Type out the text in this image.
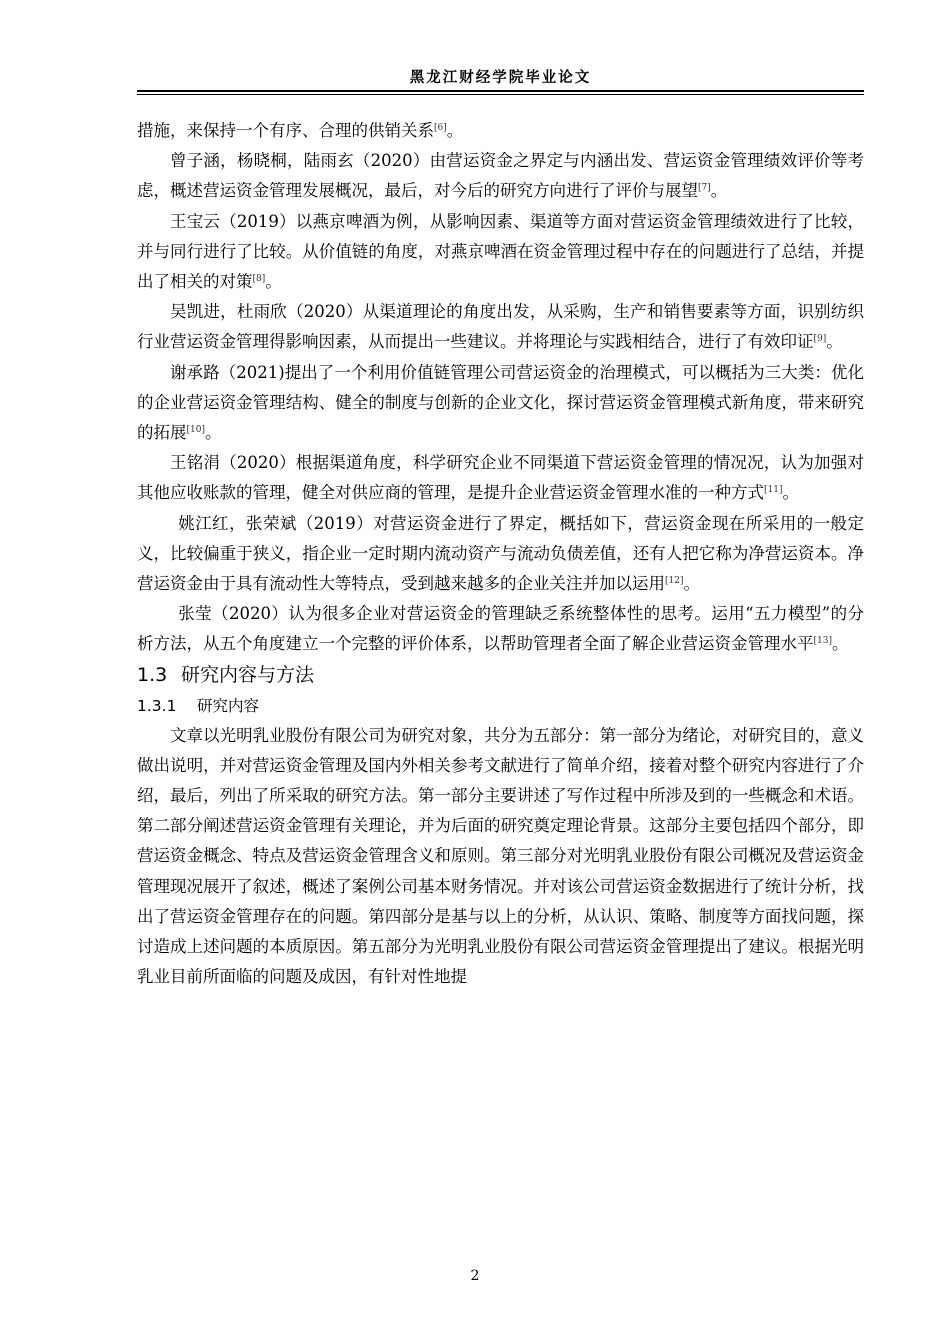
黑龙江财经学院毕业论文

措施，来保持一个有序、合理的供销关系[6]。

曾子涵，杨晓桐，陆雨玄（2020）由营运资金之界定与内涵出发、营运资金管理绩效评价等考虑，概述营运资金管理发展概况，最后，对今后的研究方向进行了评价与展望[7]。

王宝云（2019）以燕京啤酒为例，从影响因素、渠道等方面对营运资金管理绩效进行了比较，并与同行进行了比较。从价值链的角度，对燕京啤酒在资金管理过程中存在的问题进行了总结，并提出了相关的对策[8]。

吴凯进，杜雨欣（2020）从渠道理论的角度出发，从采购，生产和销售要素等方面，识别纺织行业营运资金管理得影响因素，从而提出一些建议。并将理论与实践相结合，进行了有效印证[9]。

谢承路（2021)提出了一个利用价值链管理公司营运资金的治理模式，可以概括为三大类：优化的企业营运资金管理结构、健全的制度与创新的企业文化，探讨营运资金管理模式新角度，带来研究的拓展[10]。

王铭涓（2020）根据渠道角度，科学研究企业不同渠道下营运资金管理的情况况，认为加强对其他应收账款的管理，健全对供应商的管理，是提升企业营运资金管理水准的一种方式[11]。

姚江红，张荣斌（2019）对营运资金进行了界定，概括如下，营运资金现在所采用的一般定义，比较偏重于狭义，指企业一定时期内流动资产与流动负债差值，还有人把它称为净营运资本。净营运资金由于具有流动性大等特点，受到越来越多的企业关注并加以运用[12]。

张莹（2020）认为很多企业对营运资金的管理缺乏系统整体性的思考。运用“五力模型”的分析方法，从五个角度建立一个完整的评价体系，以帮助管理者全面了解企业营运资金管理水平[13]。

1.3 研究内容与方法
1.3.1 研究内容

文章以光明乳业股份有限公司为研究对象，共分为五部分：第一部分为绪论，对研究目的，意义做出说明，并对营运资金管理及国内外相关参考文献进行了简单介绍，接着对整个研究内容进行了介绍，最后，列出了所采取的研究方法。第一部分主要讲述了写作过程中所涉及到的一些概念和术语。第二部分阐述营运资金管理有关理论，并为后面的研究奠定理论背景。这部分主要包括四个部分，即营运资金概念、特点及营运资金管理含义和原则。第三部分对光明乳业股份有限公司概况及营运资金管理现况展开了叙述，概述了案例公司基本财务情况。并对该公司营运资金数据进行了统计分析，找出了营运资金管理存在的问题。第四部分是基与以上的分析，从认识、策略、制度等方面找问题，探讨造成上述问题的本质原因。第五部分为光明乳业股份有限公司营运资金管理提出了建议。根据光明乳业目前所面临的问题及成因，有针对性地提

2
